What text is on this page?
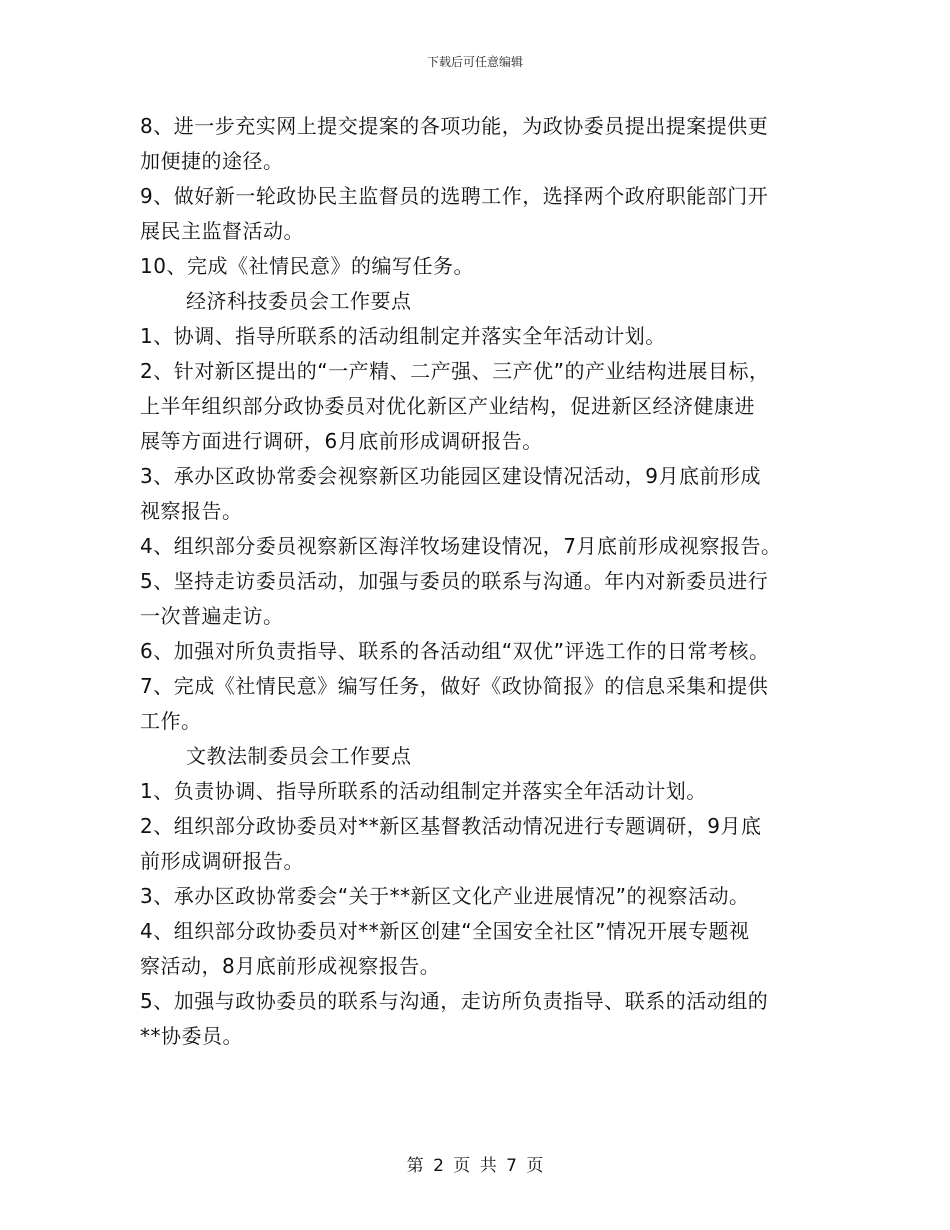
下载后可任意编辑
8、进一步充实网上提交提案的各项功能，为政协委员提出提案提供更
加便捷的途径。
9、做好新一轮政协民主监督员的选聘工作，选择两个政府职能部门开
展民主监督活动。
10、完成《社情民意》的编写任务。
经济科技委员会工作要点
1、协调、指导所联系的活动组制定并落实全年活动计划。
2、针对新区提出的“一产精、二产强、三产优”的产业结构进展目标，
上半年组织部分政协委员对优化新区产业结构，促进新区经济健康进
展等方面进行调研，6月底前形成调研报告。
3、承办区政协常委会视察新区功能园区建设情况活动，9月底前形成
视察报告。
4、组织部分委员视察新区海洋牧场建设情况，7月底前形成视察报告。
5、坚持走访委员活动，加强与委员的联系与沟通。年内对新委员进行
一次普遍走访。
6、加强对所负责指导、联系的各活动组“双优”评选工作的日常考核。
7、完成《社情民意》编写任务，做好《政协简报》的信息采集和提供
工作。
文教法制委员会工作要点
1、负责协调、指导所联系的活动组制定并落实全年活动计划。
2、组织部分政协委员对**新区基督教活动情况进行专题调研，9月底
前形成调研报告。
3、承办区政协常委会“关于**新区文化产业进展情况”的视察活动。
4、组织部分政协委员对**新区创建“全国安全社区”情况开展专题视
察活动，8月底前形成视察报告。
5、加强与政协委员的联系与沟通，走访所负责指导、联系的活动组的
**协委员。
第 2 页 共 7 页
